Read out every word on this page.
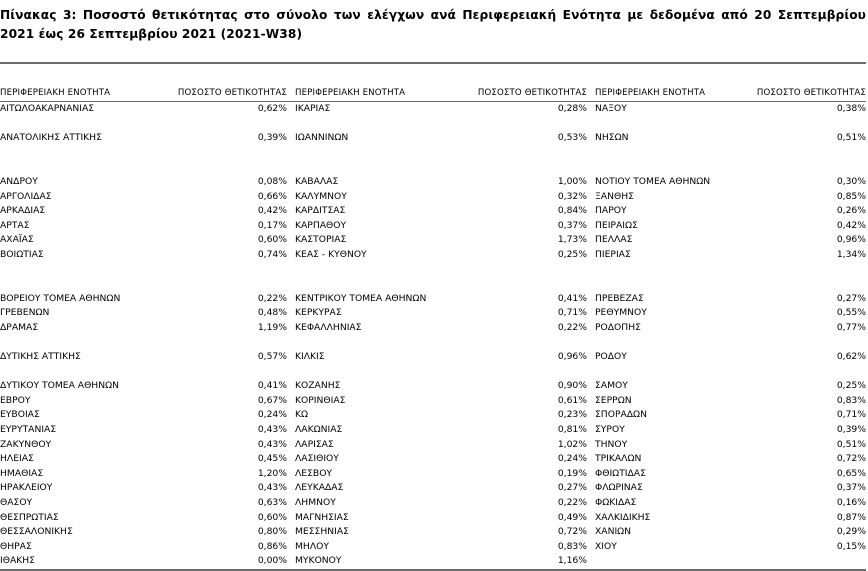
Πίνακας 3: Ποσοστό θετικότητας στο σύνολο των ελέγχων ανά Περιφερειακή Ενότητα με δεδομένα από 20 Σεπτεμβρίου 2021 έως 26 Σεπτεμβρίου 2021 (2021-W38)
ΠΕΡΙΦΕΡΕΙΑΚΗ ΕΝΟΤΗΤΑ	ΠΟΣΟΣΤΟ ΘΕΤΙΚΟΤΗΤΑΣ		ΠΕΡΙΦΕΡΕΙΑΚΗ ΕΝΟΤΗΤΑ	ΠΟΣΟΣΤΟ ΘΕΤΙΚΟΤΗΤΑΣ		ΠΕΡΙΦΕΡΕΙΑΚΗ ΕΝΟΤΗΤΑ	ΠΟΣΟΣΤΟ ΘΕΤΙΚΟΤΗΤΑΣ

ΑΙΤΩΛΟΑΚΑΡΝΑΝΙΑΣ	0,62%		ΙΚΑΡΙΑΣ	0,28%		ΝΑΞΟΥ	0,38%

ΑΝΑΤΟΛΙΚΗΣ ΑΤΤΙΚΗΣ	0,39%		ΙΩΑΝΝΙΝΩΝ	0,53%		ΝΗΣΩΝ	0,51%

ΑΝΔΡΟΥ	0,08%		ΚΑΒΑΛΑΣ	1,00%		ΝΟΤΙΟΥ ΤΟΜΕΑ ΑΘΗΝΩΝ	0,30%
ΑΡΓΟΛΙΔΑΣ	0,66%		ΚΑΛΥΜΝΟΥ	0,32%		ΞΑΝΘΗΣ	0,85%
ΑΡΚΑΔΙΑΣ	0,42%		ΚΑΡΔΙΤΣΑΣ	0,84%		ΠΑΡΟΥ	0,26%
ΑΡΤΑΣ	0,17%		ΚΑΡΠΑΘΟΥ	0,37%		ΠΕΙΡΑΙΩΣ	0,42%
ΑΧΑΪΑΣ	0,60%		ΚΑΣΤΟΡΙΑΣ	1,73%		ΠΕΛΛΑΣ	0,96%
ΒΟΙΩΤΙΑΣ	0,74%		ΚΕΑΣ - ΚΥΘΝΟΥ	0,25%		ΠΙΕΡΙΑΣ	1,34%

ΒΟΡΕΙΟΥ ΤΟΜΕΑ ΑΘΗΝΩΝ	0,22%		ΚΕΝΤΡΙΚΟΥ ΤΟΜΕΑ ΑΘΗΝΩΝ	0,41%		ΠΡΕΒΕΖΑΣ	0,27%
ΓΡΕΒΕΝΩΝ	0,48%		ΚΕΡΚΥΡΑΣ	0,71%		ΡΕΘΥΜΝΟΥ	0,55%
ΔΡΑΜΑΣ	1,19%		ΚΕΦΑΛΛΗΝΙΑΣ	0,22%		ΡΟΔΟΠΗΣ	0,77%

ΔΥΤΙΚΗΣ ΑΤΤΙΚΗΣ	0,57%		ΚΙΛΚΙΣ	0,96%		ΡΟΔΟΥ	0,62%

ΔΥΤΙΚΟΥ ΤΟΜΕΑ ΑΘΗΝΩΝ	0,41%		ΚΟΖΑΝΗΣ	0,90%		ΣΑΜΟΥ	0,25%
ΕΒΡΟΥ	0,67%		ΚΟΡΙΝΘΙΑΣ	0,61%		ΣΕΡΡΩΝ	0,83%
ΕΥΒΟΙΑΣ	0,24%		ΚΩ	0,23%		ΣΠΟΡΑΔΩΝ	0,71%
ΕΥΡΥΤΑΝΙΑΣ	0,43%		ΛΑΚΩΝΙΑΣ	0,81%		ΣΥΡΟΥ	0,39%
ΖΑΚΥΝΘΟΥ	0,43%		ΛΑΡΙΣΑΣ	1,02%		ΤΗΝΟΥ	0,51%
ΗΛΕΙΑΣ	0,45%		ΛΑΣΙΘΙΟΥ	0,24%		ΤΡΙΚΑΛΩΝ	0,72%
ΗΜΑΘΙΑΣ	1,20%		ΛΕΣΒΟΥ	0,19%		ΦΘΙΩΤΙΔΑΣ	0,65%
ΗΡΑΚΛΕΙΟΥ	0,43%		ΛΕΥΚΑΔΑΣ	0,27%		ΦΛΩΡΙΝΑΣ	0,37%
ΘΑΣΟΥ	0,63%		ΛΗΜΝΟΥ	0,22%		ΦΩΚΙΔΑΣ	0,16%
ΘΕΣΠΡΩΤΙΑΣ	0,60%		ΜΑΓΝΗΣΙΑΣ	0,49%		ΧΑΛΚΙΔΙΚΗΣ	0,87%
ΘΕΣΣΑΛΟΝΙΚΗΣ	0,80%		ΜΕΣΣΗΝΙΑΣ	0,72%		ΧΑΝΙΩΝ	0,29%
ΘΗΡΑΣ	0,86%		ΜΗΛΟΥ	0,83%		ΧΙΟΥ	0,15%
ΙΘΑΚΗΣ	0,00%		ΜΥΚΟΝΟΥ	1,16%			
